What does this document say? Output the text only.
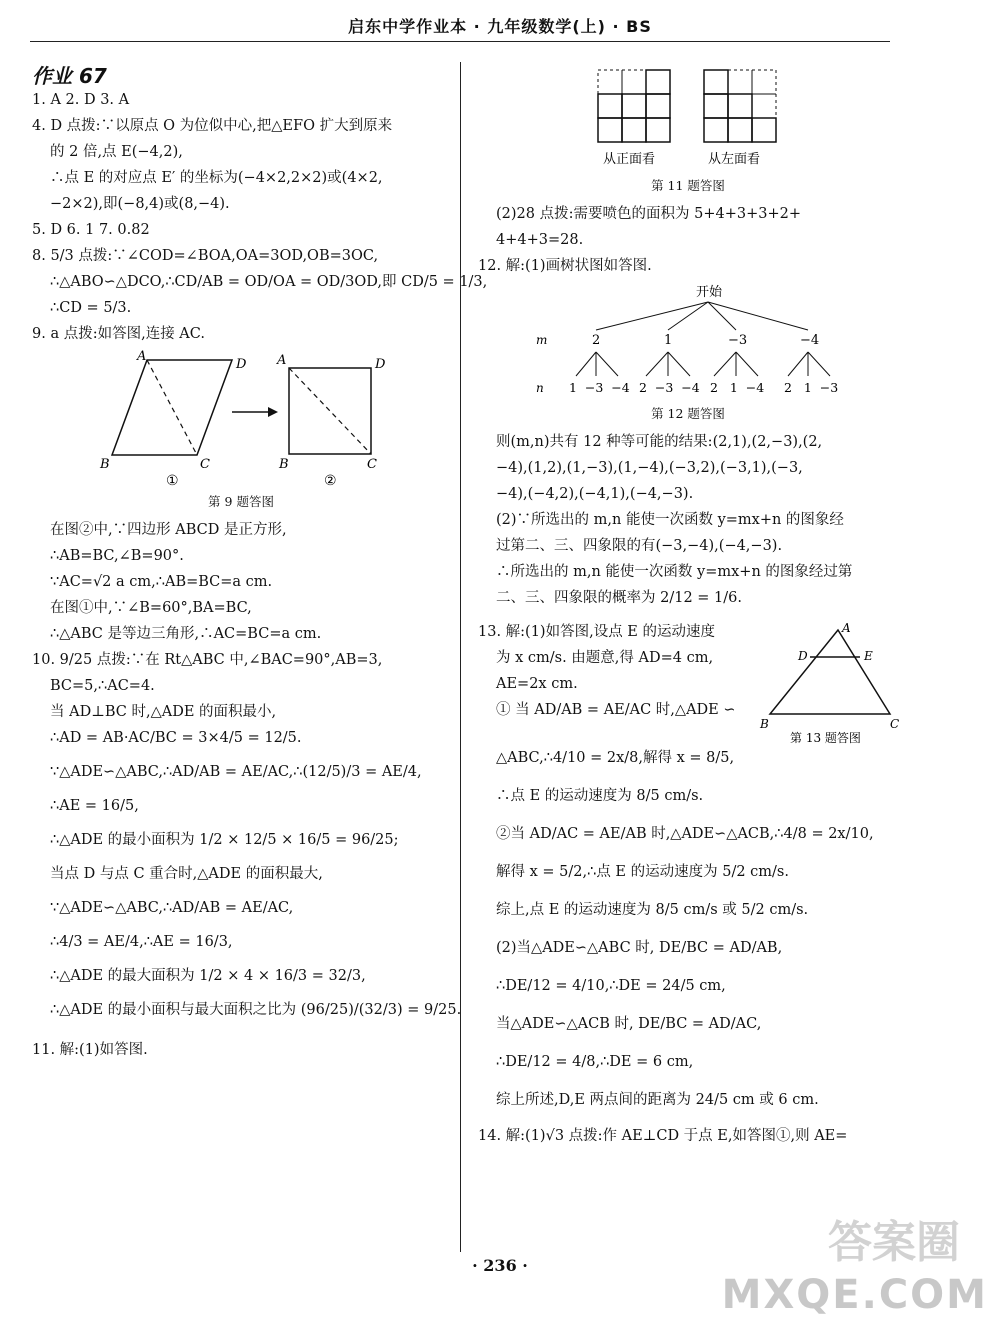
启东中学作业本 · 九年级数学(上) · BS
作业 67
1. A 2. D 3. A
4. D 点拨:∵以原点 O 为位似中心,把△EFO 扩大到原来
的 2 倍,点 E(−4,2),
∴点 E 的对应点 E′ 的坐标为(−4×2,2×2)或(4×2,
−2×2),即(−8,4)或(8,−4).
5. D 6. 1 7. 0.82
8. 5/3 点拨:∵∠COD=∠BOA,OA=3OD,OB=3OC,
∴△ABO∽△DCO,∴CD/AB = OD/OA = OD/3OD,即 CD/5 = 1/3,
∴CD = 5/3.
9. a 点拨:如答图,连接 AC.
A
D
B	C
①
A	D
B	C
②
第 9 题答图
在图②中,∵四边形 ABCD 是正方形,
∴AB=BC,∠B=90°.
∵AC=√2 a cm,∴AB=BC=a cm.
在图①中,∵∠B=60°,BA=BC,
∴△ABC 是等边三角形,∴AC=BC=a cm.
10. 9/25 点拨:∵在 Rt△ABC 中,∠BAC=90°,AB=3,
BC=5,∴AC=4.
当 AD⊥BC 时,△ADE 的面积最小,
∴AD = AB·AC/BC = 3×4/5 = 12/5.
∵△ADE∽△ABC,∴AD/AB = AE/AC,∴(12/5)/3 = AE/4,
∴AE = 16/5,
∴△ADE 的最小面积为 1/2 × 12/5 × 16/5 = 96/25;
当点 D 与点 C 重合时,△ADE 的面积最大,
∵△ADE∽△ABC,∴AD/AB = AE/AC,
∴4/3 = AE/4,∴AE = 16/3,
∴△ADE 的最大面积为 1/2 × 4 × 16/3 = 32/3,
∴△ADE 的最小面积与最大面积之比为 (96/25)/(32/3) = 9/25.
11. 解:(1)如答图.
从正面看	从左面看
第 11 题答图
(2)28 点拨:需要喷色的面积为 5+4+3+3+2+
4+4+3=28.
12. 解:(1)画树状图如答图.
开始
m	2	1	−3	−4
n 1  −3  −4 2  −3  −4 2   1  −4 2   1  −3
第 12 题答图
则(m,n)共有 12 种等可能的结果:(2,1),(2,−3),(2,
−4),(1,2),(1,−3),(1,−4),(−3,2),(−3,1),(−3,
−4),(−4,2),(−4,1),(−4,−3).
(2)∵所选出的 m,n 能使一次函数 y=mx+n 的图象经
过第二、三、四象限的有(−3,−4),(−4,−3).
∴所选出的 m,n 能使一次函数 y=mx+n 的图象经过第
二、三、四象限的概率为 2/12 = 1/6.
13. 解:(1)如答图,设点 E 的运动速度
为 x cm/s. 由题意,得 AD=4 cm,
AE=2x cm.
① 当 AD/AB = AE/AC 时,△ADE ∽
A
D	E
B	C
第 13 题答图
△ABC,∴4/10 = 2x/8,解得 x = 8/5,
∴点 E 的运动速度为 8/5 cm/s.
②当 AD/AC = AE/AB 时,△ADE∽△ACB,∴4/8 = 2x/10,
解得 x = 5/2,∴点 E 的运动速度为 5/2 cm/s.
综上,点 E 的运动速度为 8/5 cm/s 或 5/2 cm/s.
(2)当△ADE∽△ABC 时, DE/BC = AD/AB,
∴DE/12 = 4/10,∴DE = 24/5 cm,
当△ADE∽△ACB 时, DE/BC = AD/AC,
∴DE/12 = 4/8,∴DE = 6 cm,
综上所述,D,E 两点间的距离为 24/5 cm 或 6 cm.
14. 解:(1)√3 点拨:作 AE⊥CD 于点 E,如答图①,则 AE=
· 236 ·	答案圈
MXQE.COM
